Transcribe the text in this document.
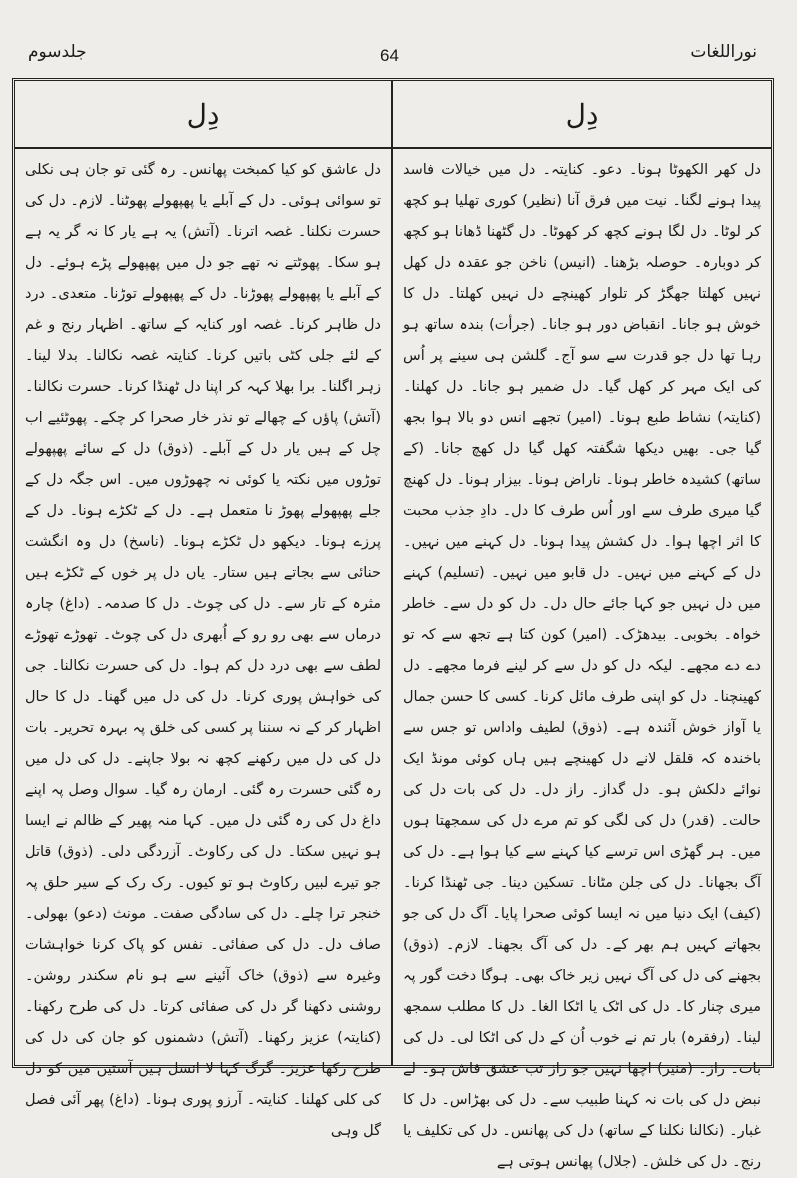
جلدسوم	64	نوراللغات
دِل

دل عاشق کو کیا کمبخت پھانس۔ رہ گئی تو جان ہی نکلی تو سوائی ہوئی۔ دل کے آبلے یا پھپھولے پھوٹنا۔ لازم۔ دل کی حسرت نکلنا۔ غصہ اترنا۔ (آتش) یہ ہے یار کا نہ گر یہ ہے ہو سکا۔ پھوٹتے نہ تھے جو دل میں پھپھولے پڑے ہوئے۔ دل کے آبلے یا پھپھولے پھوڑنا۔ دل کے پھپھولے توڑنا۔ متعدی۔ درد دل ظاہر کرنا۔ غصہ اور کنایہ کے ساتھ۔ اظہار رنج و غم کے لئے جلی کٹی باتیں کرنا۔ کنایتہ غصہ نکالنا۔ بدلا لینا۔ زہر اگلنا۔ برا بھلا کہہ کر اپنا دل ٹھنڈا کرنا۔ حسرت نکالنا۔ (آتش) پاؤں کے چھالے تو نذر خار صحرا کر چکے۔ پھوٹئیے اب چل کے ہیں یار دل کے آبلے۔ (ذوق) دل کے سائے پھپھولے توڑوں میں نکتہ یا کوئی نہ چھوڑوں میں۔ اس جگہ دل کے جلے پھپھولے پھوڑ نا متعمل ہے۔ دل کے ٹکڑے ہونا۔ دل کے پرزے ہونا۔ دیکھو دل ٹکڑے ہونا۔ (ناسخ) دل وہ انگشت حنائی سے بجاتے ہیں ستار۔ یاں دل پر خوں کے ٹکڑے ہیں مثرہ کے تار سے۔ دل کی چوٹ۔ دل کا صدمہ۔ (داغ) چارہ درماں سے بھی رو رو کے اُبھری دل کی چوٹ۔ تھوڑے تھوڑے لطف سے بھی درد دل کم ہوا۔ دل کی حسرت نکالنا۔ جی کی خواہش پوری کرنا۔ دل کی دل میں گھنا۔ دل کا حال اظہار کر کے نہ سننا پر کسی کی خلق پہ بہرہ تحریر۔ بات دل کی دل میں رکھنے کچھ نہ بولا جاپنے۔ دل کی دل میں رہ گئی حسرت رہ گئی۔ ارمان رہ گیا۔ سوال وصل پہ اپنے داغ دل کی رہ گئی دل میں۔ کہا منہ پھیر کے ظالم نے ایسا ہو نہیں سکتا۔ دل کی رکاوٹ۔ آزردگی دلی۔ (ذوق) قاتل جو تیرے لبیں رکاوٹ ہو تو کیوں۔ رک رک کے سیر حلق پہ خنجر ترا چلے۔ دل کی سادگی صفت۔ مونث (دعو) بھولی۔ صاف دل۔ دل کی صفائی۔ نفس کو پاک کرنا خواہشات وغیرہ سے (ذوق) خاک آئینے سے ہو نام سکندر روشن۔ روشنی دکھنا گر دل کی صفائی کرتا۔ دل کی طرح رکھنا۔ (کنایتہ) عزیز رکھنا۔ (آتش) دشمنوں کو جان کی دل کی طرح رکھا عزیز۔ گرگ کہا لا انسل ہیں آستیں میں کو دل کی کلی کھلنا۔ کنایتہ۔ آرزو پوری ہونا۔ (داغ) پھر آئی فصل گل وہی

دِل

دل کھر الکھوٹا ہونا۔ دعو۔ کنایتہ۔ دل میں خیالات فاسد پیدا ہونے لگنا۔ نیت میں فرق آنا (نظیر) کوری تھلیا ہو کچھ کر لوٹا۔ دل لگا ہونے کچھ کر کھوٹا۔ دل گٹھنا ڈھانا ہو کچھ کر دوبارہ۔ حوصلہ بڑھنا۔ (انیس) ناخن جو عقدہ دل کھل نہیں کھلتا جھگڑ کر تلوار کھینچے دل نہیں کھلتا۔ دل کا خوش ہو جانا۔ انقباض دور ہو جانا۔ (جرأت) بندہ ساتھ ہو رہا تھا دل جو قدرت سے سو آج۔ گلشن ہی سینے پر اُس کی ایک مہر کر کھل گیا۔ دل ضمیر ہو جانا۔ دل کھلنا۔ (کنایتہ) نشاط طبع ہونا۔ (امیر) تجھے انس دو بالا ہوا بجھ گیا جی۔ بھیں دیکھا شگفتہ کھل گیا دل کھچ جانا۔ (کے ساتھ) کشیدہ خاطر ہونا۔ ناراض ہونا۔ بیزار ہونا۔ دل کھنچ گیا میری طرف سے اور اُس طرف کا دل۔ دادِ جذب محبت کا اثر اچھا ہوا۔ دل کشش پیدا ہونا۔ دل کہنے میں نہیں۔ دل کے کہنے میں نہیں۔ دل قابو میں نہیں۔ (تسلیم) کہنے میں دل نہیں جو کہا جائے حال دل۔ دل کو دل سے۔ خاطر خواہ۔ بخوبی۔ بیدھڑک۔ (امیر) کون کتا ہے تجھ سے کہ تو دے دے مجھے۔ لیکہ دل کو دل سے کر لینے فرما مجھے۔ دل کھینچنا۔ دل کو اپنی طرف مائل کرنا۔ کسی کا حسن جمال یا آواز خوش آئندہ ہے۔ (ذوق) لطیف واداس تو جس سے باخندہ کہ قلقل لانے دل کھینچے ہیں ہاں کوئی مونڈ ایک نوائے دلکش ہو۔ دل گداز۔ راز دل۔ دل کی بات دل کی حالت۔ (قدر) دل کی لگی کو تم مرے دل کی سمجھتا ہوں میں۔ ہر گھڑی اس ترسے کیا کہنے سے کیا ہوا ہے۔ دل کی آگ بجھانا۔ دل کی جلن مٹانا۔ تسکین دینا۔ جی ٹھنڈا کرنا۔ (کیف) ایک دنیا میں نہ ایسا کوئی صحرا پایا۔ آگ دل کی جو بجھاتے کہیں ہم بھر کے۔ دل کی آگ بجھنا۔ لازم۔ (ذوق) بجھنے کی دل کی آگ نہیں زیر خاک بھی۔ ہوگا دخت گور پہ میری چنار کا۔ دل کی اٹک یا اٹکا الغا۔ دل کا مطلب سمجھ لینا۔ (رفقرہ) بار تم نے خوب اُن کے دل کی اٹکا لی۔ دل کی بات۔ راز۔ (منیر) اچھا نہیں جو راز تب عشق فاش ہو۔ لے نبض دل کی بات نہ کہنا طبیب سے۔ دل کی بھڑاس۔ دل کا غبار۔ (نکالنا نکلنا کے ساتھ) دل کی پھانس۔ دل کی تکلیف یا رنج۔ دل کی خلش۔ (جلال) پھانس ہوتی ہے
